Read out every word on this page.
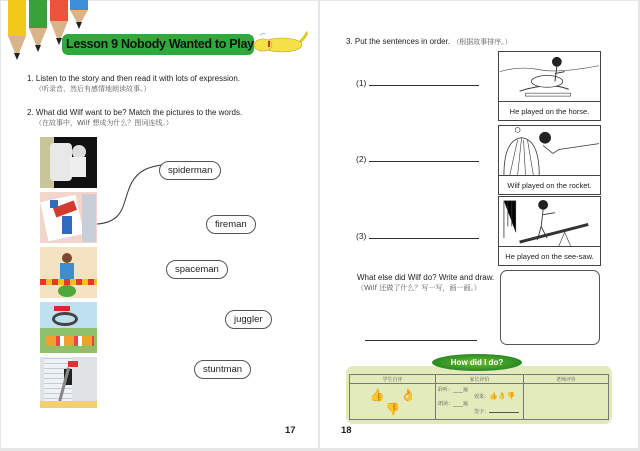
Lesson 9 Nobody Wanted to Play
1. Listen to the story and then read it with lots of expression.
（听录音，然后有感情地朗读故事。）
2. What did Wilf want to be? Match the pictures to the words.
（在故事中，Wilf 想成为什么？图词连线。）
spiderman
fireman
spaceman
juggler
stuntman
17
3. Put the sentences in order. （根据故事排序。）
(1)
(2)
(3)
He played on the horse.
Wilf played on the rocket.
He played on the see-saw.
What else did Wilf do? Write and draw.
（Wilf 还做了什么？写一写，画一画。）
How did I do?
学生自评	家长评价	老师评价
👍 👌👎	聆听：____遍
朗读：____遍
效果：👍👌👎
签字：	

18
